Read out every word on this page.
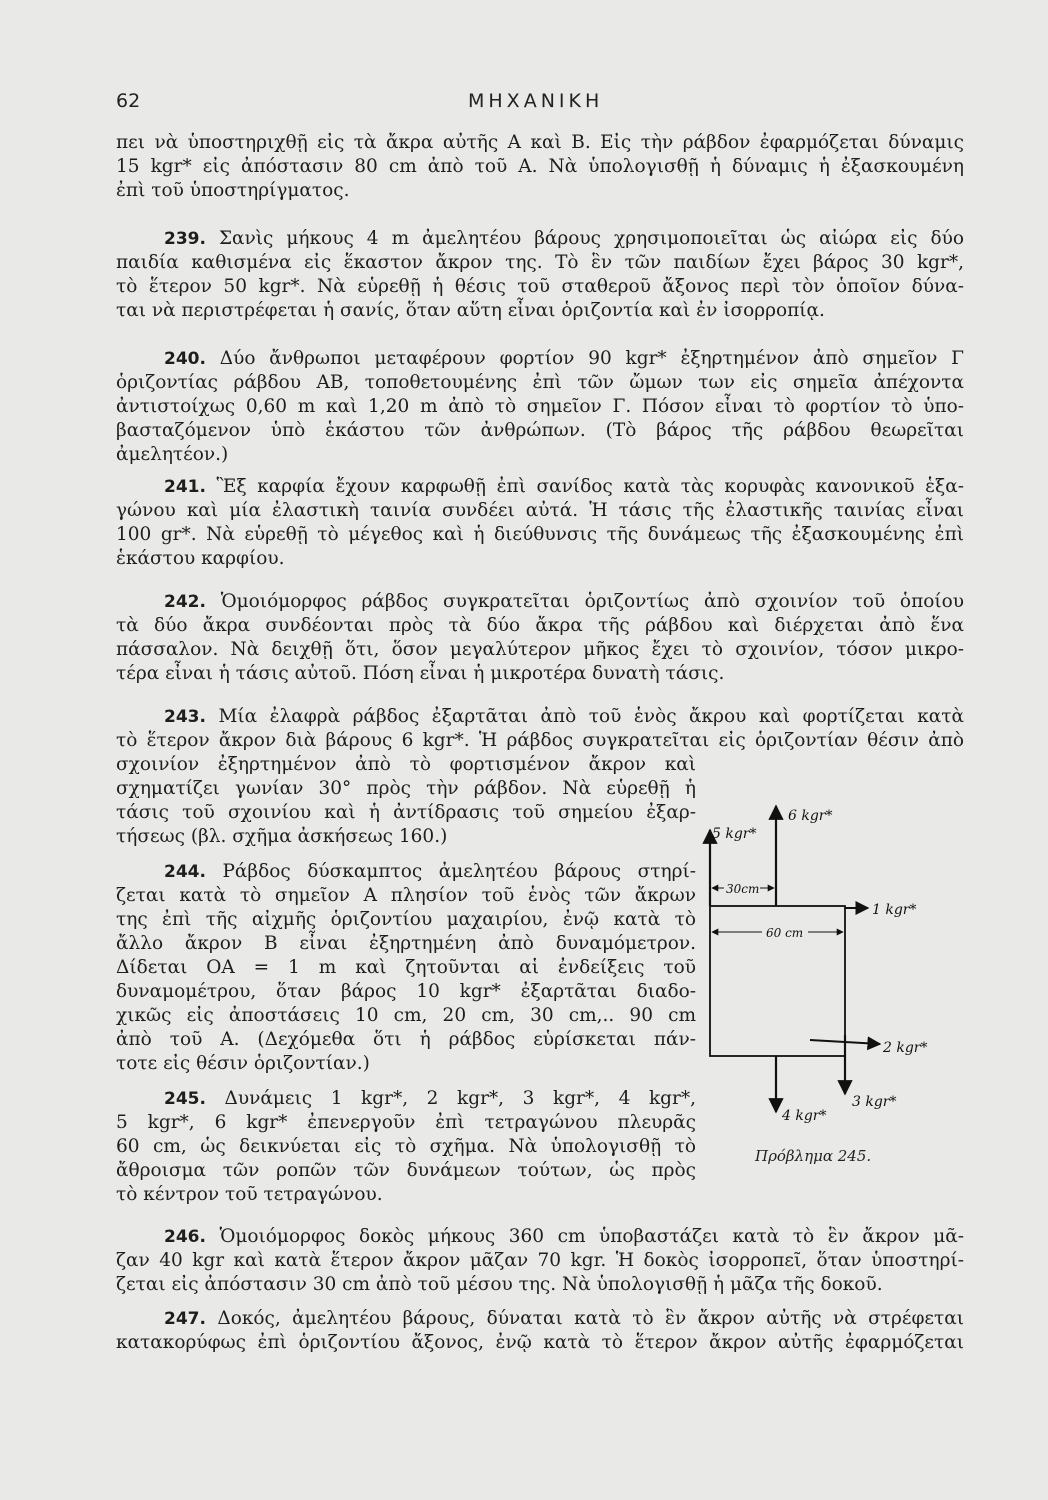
62	ΜΗΧΑΝΙΚΗ
πει νὰ ὑποστηριχθῇ εἰς τὰ ἄκρα αὐτῆς Α καὶ Β. Εἰς τὴν ράβδον ἐφαρμόζεται δύναμις
15 kgr* εἰς ἀπόστασιν 80 cm ἀπὸ τοῦ Α. Νὰ ὑπολογισθῇ ἡ δύναμις ἡ ἐξασκουμένη
ἐπὶ τοῦ ὑποστηρίγματος.
239. Σανὶς μήκους 4 m ἀμελητέου βάρους χρησιμοποιεῖται ὡς αἰώρα εἰς δύο
παιδία καθισμένα εἰς ἕκαστον ἄκρον της. Τὸ ἓν τῶν παιδίων ἔχει βάρος 30 kgr*,
τὸ ἕτερον 50 kgr*. Νὰ εὑρεθῇ ἡ θέσις τοῦ σταθεροῦ ἄξονος περὶ τὸν ὁποῖον δύνα-
ται νὰ περιστρέφεται ἡ σανίς, ὅταν αὕτη εἶναι ὁριζοντία καὶ ἐν ἰσορροπίᾳ.
240. Δύο ἄνθρωποι μεταφέρουν φορτίον 90 kgr* ἐξηρτημένον ἀπὸ σημεῖον Γ
ὁριζοντίας ράβδου ΑΒ, τοποθετουμένης ἐπὶ τῶν ὤμων των εἰς σημεῖα ἀπέχοντα
ἀντιστοίχως 0,60 m καὶ 1,20 m ἀπὸ τὸ σημεῖον Γ. Πόσον εἶναι τὸ φορτίον τὸ ὑπο-
βασταζόμενον ὑπὸ ἑκάστου τῶν ἀνθρώπων. (Τὸ βάρος τῆς ράβδου θεωρεῖται
ἀμελητέον.)
241. Ἓξ καρφία ἔχουν καρφωθῇ ἐπὶ σανίδος κατὰ τὰς κορυφὰς κανονικοῦ ἑξα-
γώνου καὶ μία ἐλαστικὴ ταινία συνδέει αὐτά. Ἡ τάσις τῆς ἐλαστικῆς ταινίας εἶναι
100 gr*. Νὰ εὑρεθῇ τὸ μέγεθος καὶ ἡ διεύθυνσις τῆς δυνάμεως τῆς ἐξασκουμένης ἐπὶ
ἑκάστου καρφίου.
242. Ὁμοιόμορφος ράβδος συγκρατεῖται ὁριζοντίως ἀπὸ σχοινίον τοῦ ὁποίου
τὰ δύο ἄκρα συνδέονται πρὸς τὰ δύο ἄκρα τῆς ράβδου καὶ διέρχεται ἀπὸ ἕνα
πάσσαλον. Νὰ δειχθῇ ὅτι, ὅσον μεγαλύτερον μῆκος ἔχει τὸ σχοινίον, τόσον μικρο-
τέρα εἶναι ἡ τάσις αὐτοῦ. Πόση εἶναι ἡ μικροτέρα δυνατὴ τάσις.
243. Μία ἐλαφρὰ ράβδος ἐξαρτᾶται ἀπὸ τοῦ ἑνὸς ἄκρου καὶ φορτίζεται κατὰ
τὸ ἕτερον ἄκρον διὰ βάρους 6 kgr*. Ἡ ράβδος συγκρατεῖται εἰς ὁριζοντίαν θέσιν ἀπὸ
σχοινίον ἐξηρτημένον ἀπὸ τὸ φορτισμένον ἄκρον καὶ
σχηματίζει γωνίαν 30° πρὸς τὴν ράβδον. Νὰ εὑρεθῇ ἡ
τάσις τοῦ σχοινίου καὶ ἡ ἀντίδρασις τοῦ σημείου ἐξαρ-
τήσεως (βλ. σχῆμα ἀσκήσεως 160.)
244. Ράβδος δύσκαμπτος ἀμελητέου βάρους στηρί-
ζεται κατὰ τὸ σημεῖον Α πλησίον τοῦ ἑνὸς τῶν ἄκρων
της ἐπὶ τῆς αἰχμῆς ὁριζοντίου μαχαιρίου, ἐνῷ κατὰ τὸ
ἄλλο ἄκρον Β εἶναι ἐξηρτημένη ἀπὸ δυναμόμετρον.
Δίδεται ΟΑ = 1 m καὶ ζητοῦνται αἱ ἐνδείξεις τοῦ
δυναμομέτρου, ὅταν βάρος 10 kgr* ἐξαρτᾶται διαδο-
χικῶς εἰς ἀποστάσεις 10 cm, 20 cm, 30 cm,.. 90 cm
ἀπὸ τοῦ Α. (Δεχόμεθα ὅτι ἡ ράβδος εὑρίσκεται πάν-
τοτε εἰς θέσιν ὁριζοντίαν.)
245. Δυνάμεις 1 kgr*, 2 kgr*, 3 kgr*, 4 kgr*,
5 kgr*, 6 kgr* ἐπενεργοῦν ἐπὶ τετραγώνου πλευρᾶς
60 cm, ὡς δεικνύεται εἰς τὸ σχῆμα. Νὰ ὑπολογισθῇ τὸ
ἄθροισμα τῶν ροπῶν τῶν δυνάμεων τούτων, ὡς πρὸς
τὸ κέντρον τοῦ τετραγώνου.
246. Ὁμοιόμορφος δοκὸς μήκους 360 cm ὑποβαστάζει κατὰ τὸ ἓν ἄκρον μᾶ-
ζαν 40 kgr καὶ κατὰ ἕτερον ἄκρον μᾶζαν 70 kgr. Ἡ δοκὸς ἰσορροπεῖ, ὅταν ὑποστηρί-
ζεται εἰς ἀπόστασιν 30 cm ἀπὸ τοῦ μέσου της. Νὰ ὑπολογισθῇ ἡ μᾶζα τῆς δοκοῦ.
247. Δοκός, ἀμελητέου βάρους, δύναται κατὰ τὸ ἓν ἄκρον αὐτῆς νὰ στρέφεται
κατακορύφως ἐπὶ ὁριζοντίου ἄξονος, ἐνῷ κατὰ τὸ ἕτερον ἄκρον αὐτῆς ἐφαρμόζεται
6 kgr*
5 kgr*
30cm
1 kgr*
60 cm
2 kgr*
4 kgr*
3 kgr*
Πρόβλημα 245.
